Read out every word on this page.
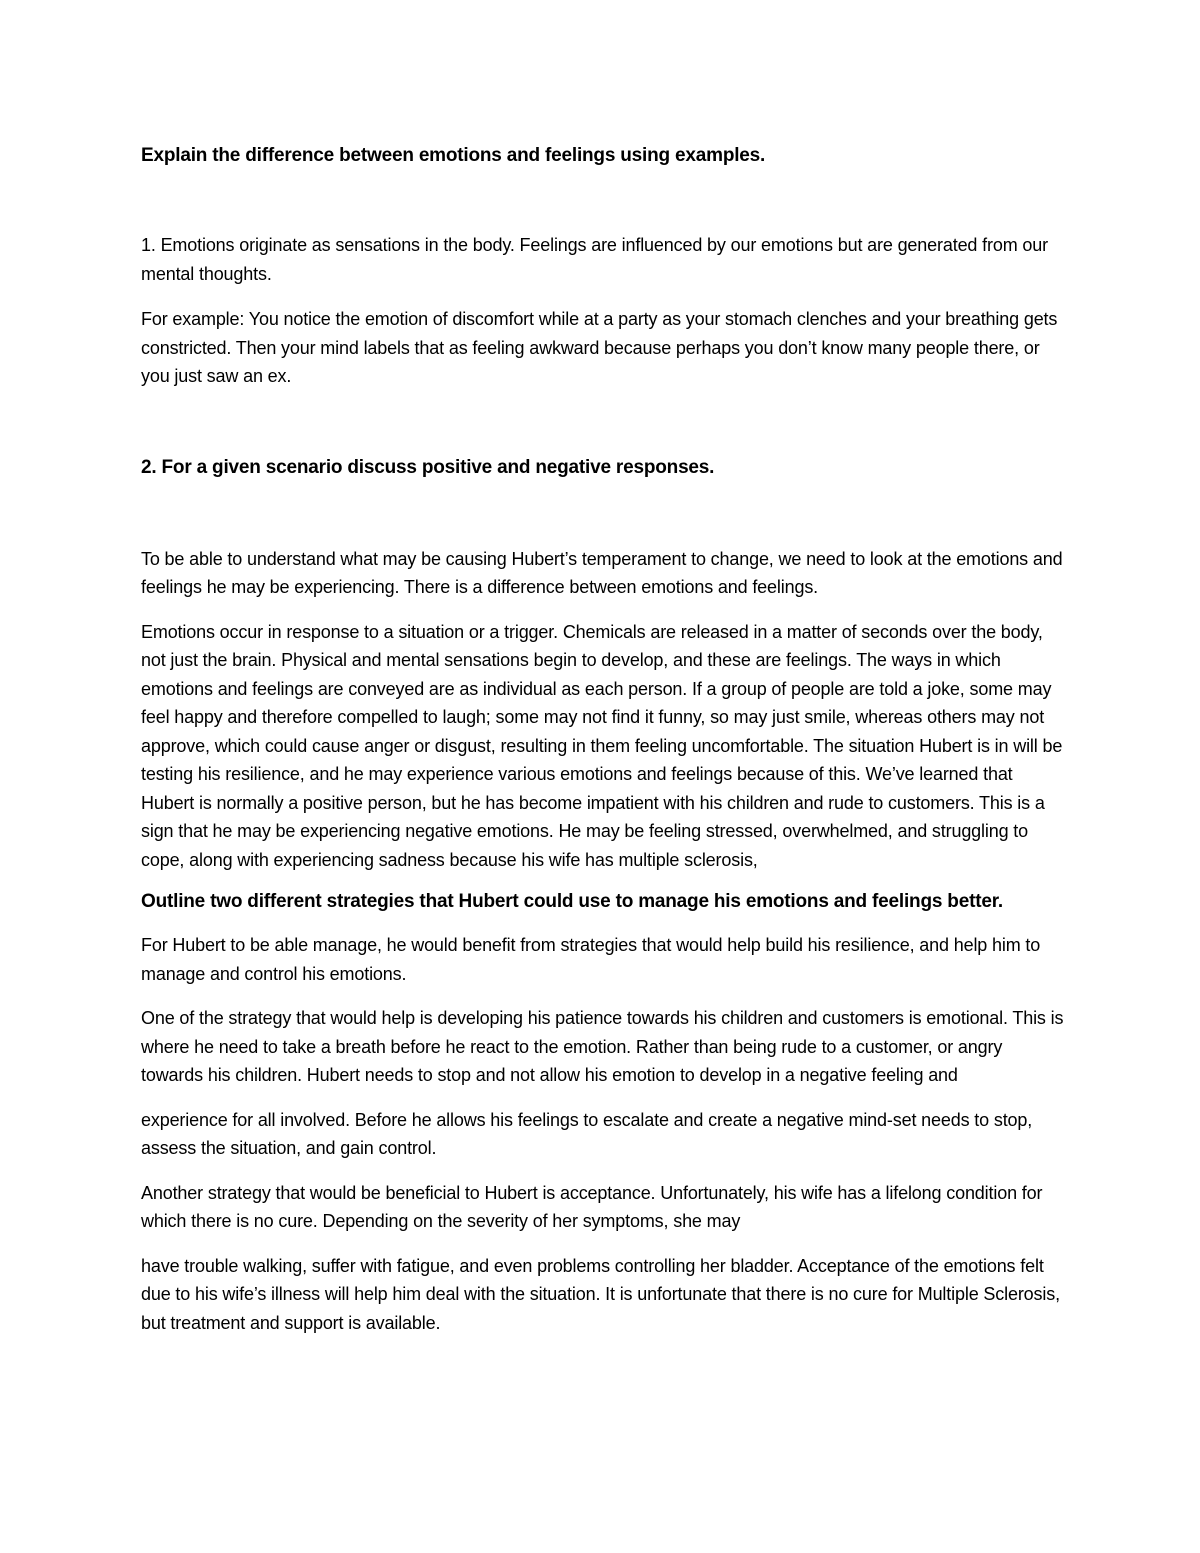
Explain the difference between emotions and feelings using examples.

1. Emotions originate as sensations in the body. Feelings are influenced by our emotions but are generated from our mental thoughts.

For example: You notice the emotion of discomfort while at a party as your stomach clenches and your breathing gets constricted. Then your mind labels that as feeling awkward because perhaps you don’t know many people there, or you just saw an ex.

2. For a given scenario discuss positive and negative responses.

To be able to understand what may be causing Hubert’s temperament to change, we need to look at the emotions and feelings he may be experiencing. There is a difference between emotions and feelings.

Emotions occur in response to a situation or a trigger. Chemicals are released in a matter of seconds over the body, not just the brain. Physical and mental sensations begin to develop, and these are feelings. The ways in which emotions and feelings are conveyed are as individual as each person. If a group of people are told a joke, some may feel happy and therefore compelled to laugh; some may not find it funny, so may just smile, whereas others may not approve, which could cause anger or disgust, resulting in them feeling uncomfortable. The situation Hubert is in will be testing his resilience, and he may experience various emotions and feelings because of this. We’ve learned that Hubert is normally a positive person, but he has become impatient with his children and rude to customers. This is a sign that he may be experiencing negative emotions. He may be feeling stressed, overwhelmed, and struggling to cope, along with experiencing sadness because his wife has multiple sclerosis,

Outline two different strategies that Hubert could use to manage his emotions and feelings better.

For Hubert to be able manage, he would benefit from strategies that would help build his resilience, and help him to manage and control his emotions.

One of the strategy that would help is developing his patience towards his children and customers is emotional. This is where he need to take a breath before he react to the emotion. Rather than being rude to a customer, or angry towards his children. Hubert needs to stop and not allow his emotion to develop in a negative feeling and

experience for all involved. Before he allows his feelings to escalate and create a negative mind-set needs to stop, assess the situation, and gain control.

Another strategy that would be beneficial to Hubert is acceptance. Unfortunately, his wife has a lifelong condition for which there is no cure. Depending on the severity of her symptoms, she may

have trouble walking, suffer with fatigue, and even problems controlling her bladder. Acceptance of the emotions felt due to his wife’s illness will help him deal with the situation. It is unfortunate that there is no cure for Multiple Sclerosis, but treatment and support is available.
